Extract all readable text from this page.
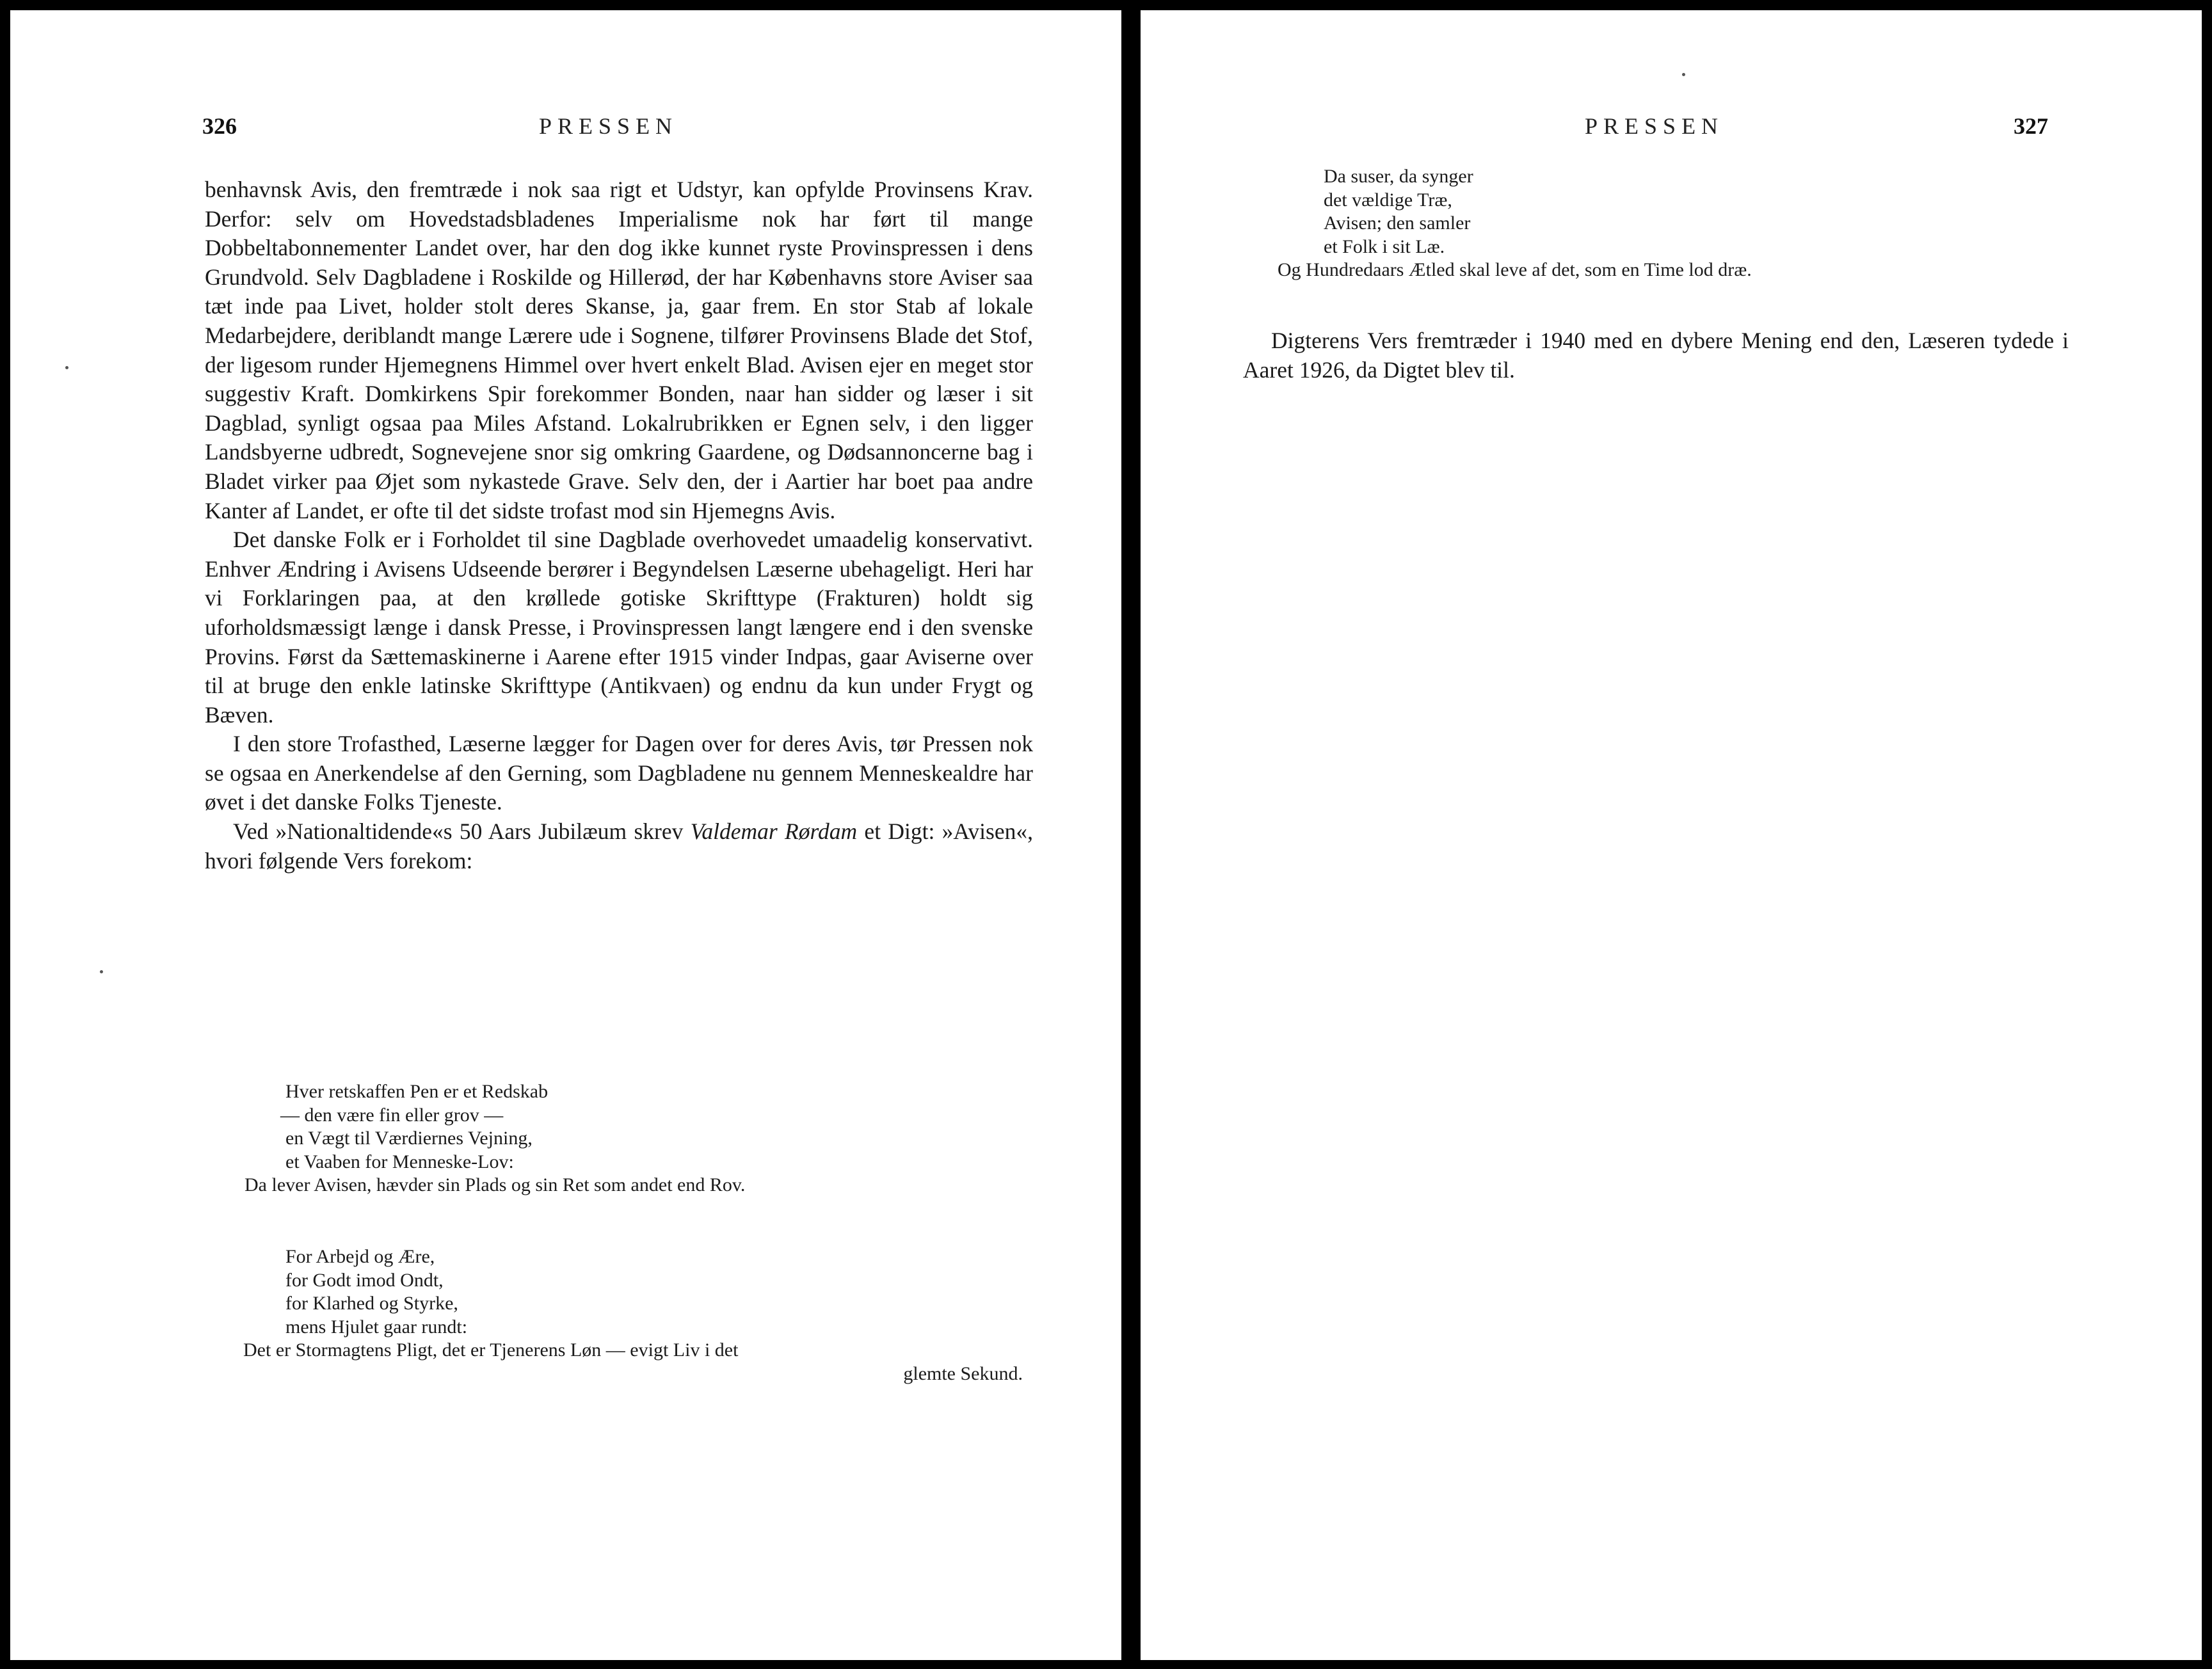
326	PRESSEN

benhavnsk Avis, den fremtræde i nok saa rigt et Udstyr, kan opfylde Provinsens Krav. Derfor: selv om Hovedstadsbladenes Imperialisme nok har ført til mange Dobbeltabonnementer Landet over, har den dog ikke kunnet ryste Provinspressen i dens Grundvold. Selv Dagbladene i Roskilde og Hillerød, der har Københavns store Aviser saa tæt inde paa Livet, holder stolt deres Skanse, ja, gaar frem. En stor Stab af lokale Medarbejdere, deriblandt mange Lærere ude i Sognene, tilfører Provinsens Blade det Stof, der ligesom runder Hjemegnens Himmel over hvert enkelt Blad. Avisen ejer en meget stor suggestiv Kraft. Domkirkens Spir forekommer Bonden, naar han sidder og læser i sit Dagblad, synligt ogsaa paa Miles Afstand. Lokalrubrikken er Egnen selv, i den ligger Landsbyerne udbredt, Sognevejene snor sig omkring Gaardene, og Dødsannoncerne bag i Bladet virker paa Øjet som nykastede Grave. Selv den, der i Aartier har boet paa andre Kanter af Landet, er ofte til det sidste trofast mod sin Hjemegns Avis.

Det danske Folk er i Forholdet til sine Dagblade overhovedet umaadelig konservativt. Enhver Ændring i Avisens Udseende berører i Begyndelsen Læserne ubehageligt. Heri har vi Forklaringen paa, at den krøllede gotiske Skrifttype (Frakturen) holdt sig uforholdsmæssigt længe i dansk Presse, i Provinspressen langt længere end i den svenske Provins. Først da Sættemaskinerne i Aarene efter 1915 vinder Indpas, gaar Aviserne over til at bruge den enkle latinske Skrifttype (Antikvaen) og endnu da kun under Frygt og Bæven.

I den store Trofasthed, Læserne lægger for Dagen over for deres Avis, tør Pressen nok se ogsaa en Anerkendelse af den Gerning, som Dagbladene nu gennem Menneskealdre har øvet i det danske Folks Tjeneste.

Ved »Nationaltidende«s 50 Aars Jubilæum skrev Valdemar Rørdam et Digt: »Avisen«, hvori følgende Vers forekom:

Hver retskaffen Pen er et Redskab
— den være fin eller grov —
en Vægt til Værdiernes Vejning,
et Vaaben for Menneske-Lov:
Da lever Avisen, hævder sin Plads og sin Ret som andet end Rov.
For Arbejd og Ære,
for Godt imod Ondt,
for Klarhed og Styrke,
mens Hjulet gaar rundt:
Det er Stormagtens Pligt, det er Tjenerens Løn — evigt Liv i det
glemte Sekund.
PRESSEN	327
Da suser, da synger
det vældige Træ,
Avisen; den samler
et Folk i sit Læ.
Og Hundredaars Ætled skal leve af det, som en Time lod dræ.

Digterens Vers fremtræder i 1940 med en dybere Mening end den, Læseren tydede i Aaret 1926, da Digtet blev til.
